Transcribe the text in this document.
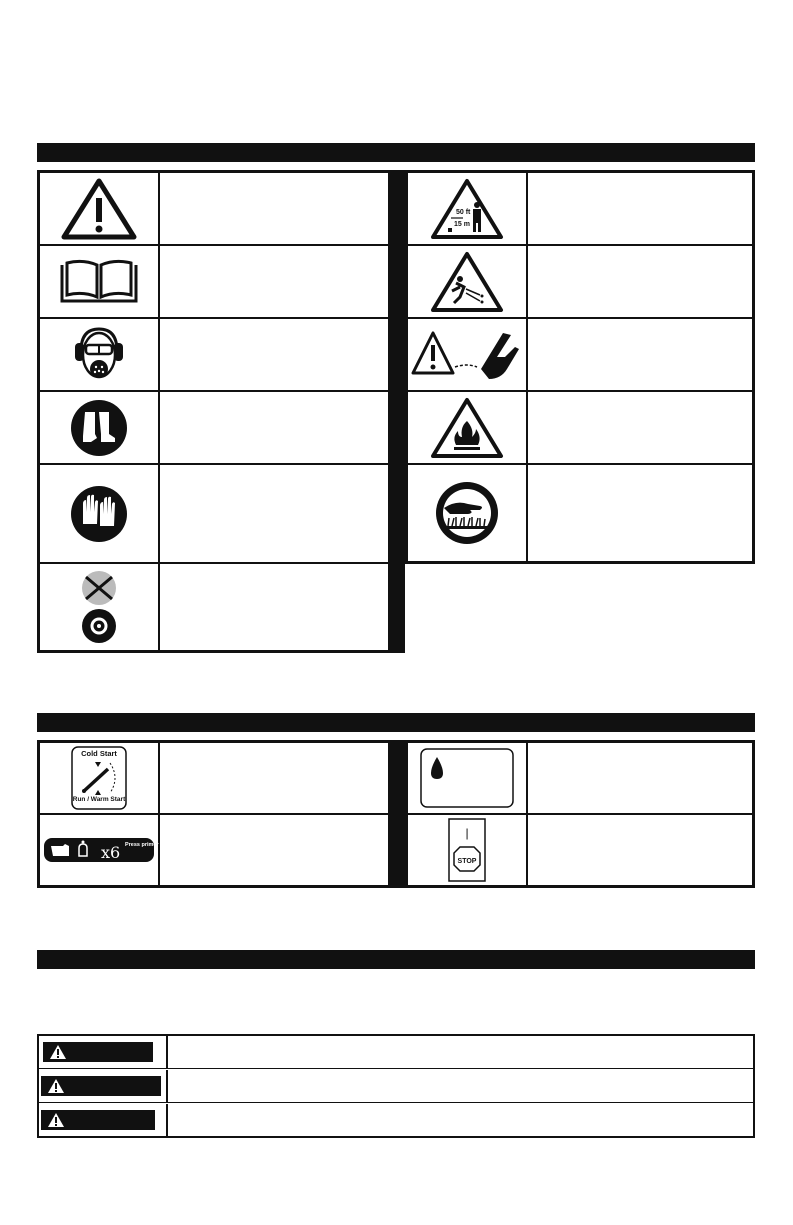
50 ft
15 m
Cold Start
Run / Warm Start
x6 Press primer 6 times
|
STOP
